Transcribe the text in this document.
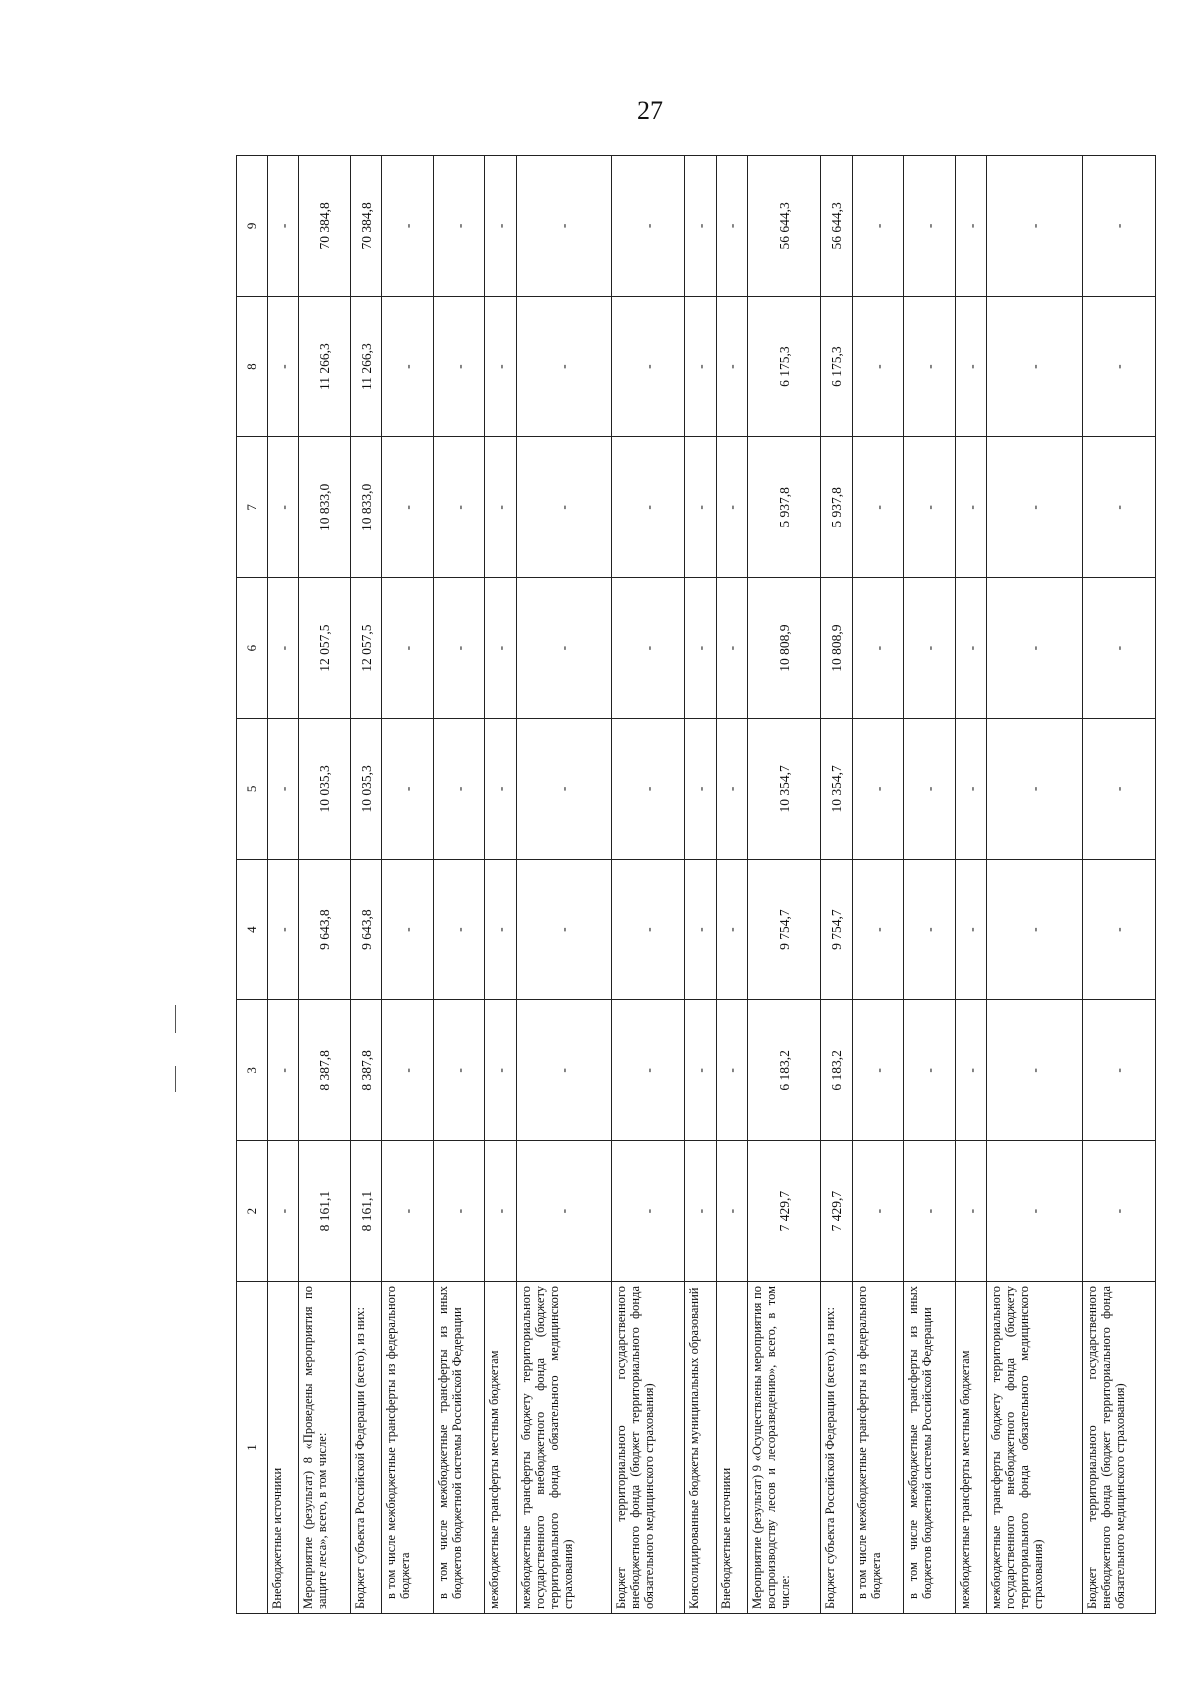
27
1	2	3	4	5	6	7	8	9
Внебюджетные источники	-	-	-	-	-	-	-	-
Мероприятие (результат) 8 «Проведены мероприятия по защите леса», всего, в том числе:	8 161,1	8 387,8	9 643,8	10 035,3	12 057,5	10 833,0	11 266,3	70 384,8
Бюджет субъекта Российской Федерации (всего), из них:	8 161,1	8 387,8	9 643,8	10 035,3	12 057,5	10 833,0	11 266,3	70 384,8
в том числе межбюджетные трансферты из федерального бюджета	-	-	-	-	-	-	-	-
в том числе межбюджетные трансферты из иных бюджетов бюджетной системы Российской Федерации	-	-	-	-	-	-	-	-
межбюджетные трансферты местным бюджетам	-	-	-	-	-	-	-	-
межбюджетные трансферты бюджету территориального государственного внебюджетного фонда (бюджету территориального фонда обязательного медицинского страхования)	-	-	-	-	-	-	-	-
Бюджет территориального государственного внебюджетного фонда (бюджет территориального фонда обязательного медицинского страхования)	-	-	-	-	-	-	-	-
Консолидированные бюджеты муниципальных образований	-	-	-	-	-	-	-	-
Внебюджетные источники	-	-	-	-	-	-	-	-
Мероприятие (результат) 9 «Осуществлены мероприятия по воспроизводству лесов и лесоразведению», всего, в том числе:	7 429,7	6 183,2	9 754,7	10 354,7	10 808,9	5 937,8	6 175,3	56 644,3
Бюджет субъекта Российской Федерации (всего), из них:	7 429,7	6 183,2	9 754,7	10 354,7	10 808,9	5 937,8	6 175,3	56 644,3
в том числе межбюджетные трансферты из федерального бюджета	-	-	-	-	-	-	-	-
в том числе межбюджетные трансферты из иных бюджетов бюджетной системы Российской Федерации	-	-	-	-	-	-	-	-
межбюджетные трансферты местным бюджетам	-	-	-	-	-	-	-	-
межбюджетные трансферты бюджету территориального государственного внебюджетного фонда (бюджету территориального фонда обязательного медицинского страхования)	-	-	-	-	-	-	-	-
Бюджет территориального государственного внебюджетного фонда (бюджет территориального фонда обязательного медицинского страхования)	-	-	-	-	-	-	-	-
